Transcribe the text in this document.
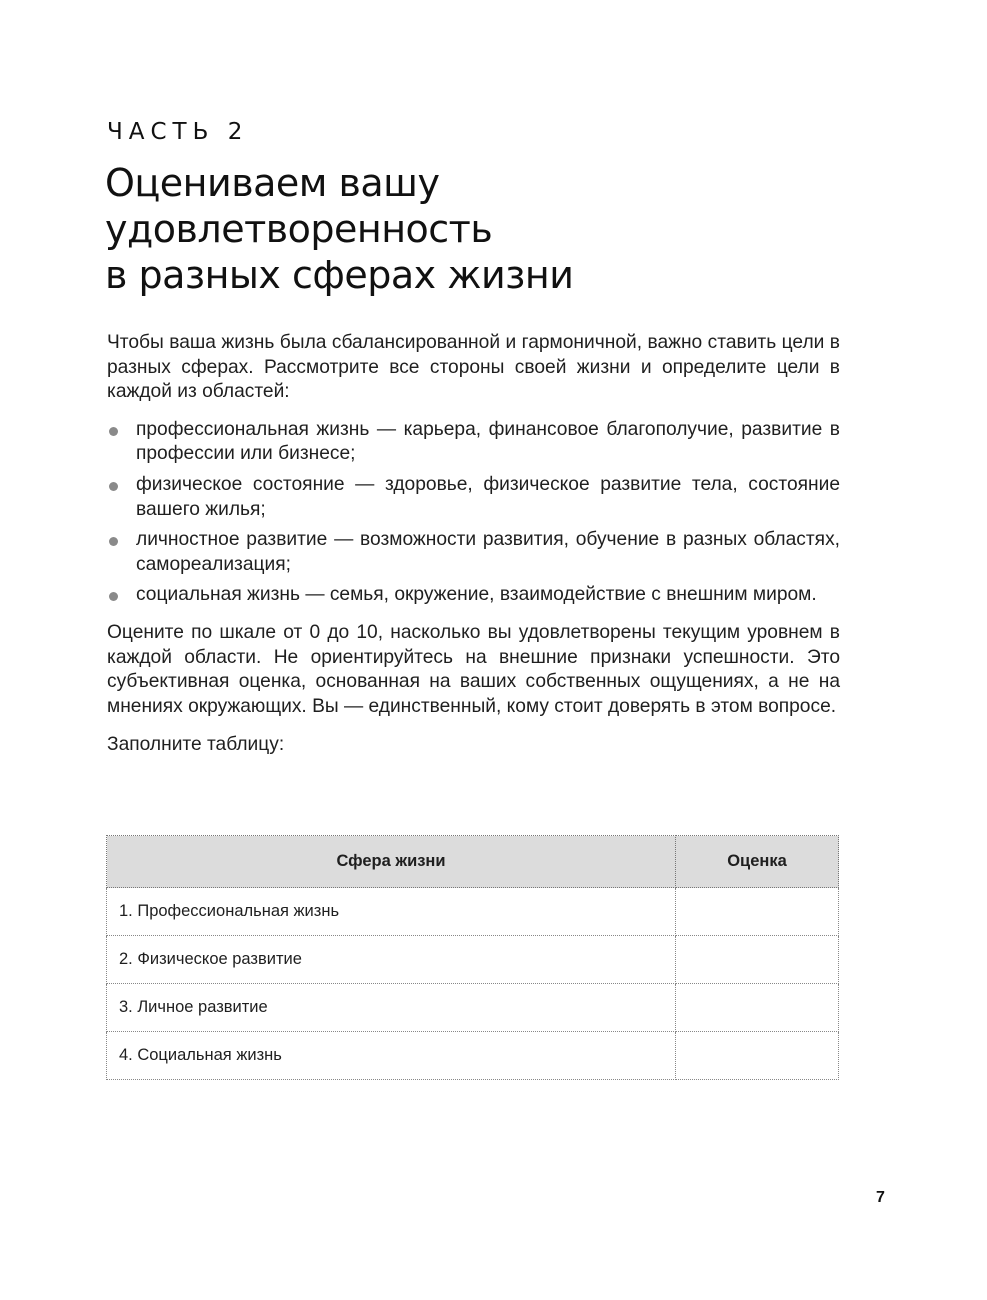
ЧАСТЬ 2
Оцениваем вашу
удовлетворенность
в разных сферах жизни

Чтобы ваша жизнь была сбалансированной и гармоничной, важно ставить цели в разных сферах. Рассмотрите все стороны своей жизни и определите цели в каждой из областей:

профессиональная жизнь — карьера, финансовое благополучие, развитие в профессии или бизнесе;
физическое состояние — здоровье, физическое развитие тела, состояние вашего жилья;
личностное развитие — возможности развития, обучение в разных областях, самореализация;
социальная жизнь — семья, окружение, взаимодействие с внешним миром.

Оцените по шкале от 0 до 10, насколько вы удовлетворены текущим уровнем в каждой области. Не ориентируйтесь на внешние признаки успешности. Это субъективная оценка, основанная на ваших собственных ощущениях, а не на мнениях окружающих. Вы — единственный, кому стоит доверять в этом вопросе.

Заполните таблицу:

Сфера жизни	Оценка
1. Профессиональная жизнь	
2. Физическое развитие	
3. Личное развитие	
4. Социальная жизнь	
7
